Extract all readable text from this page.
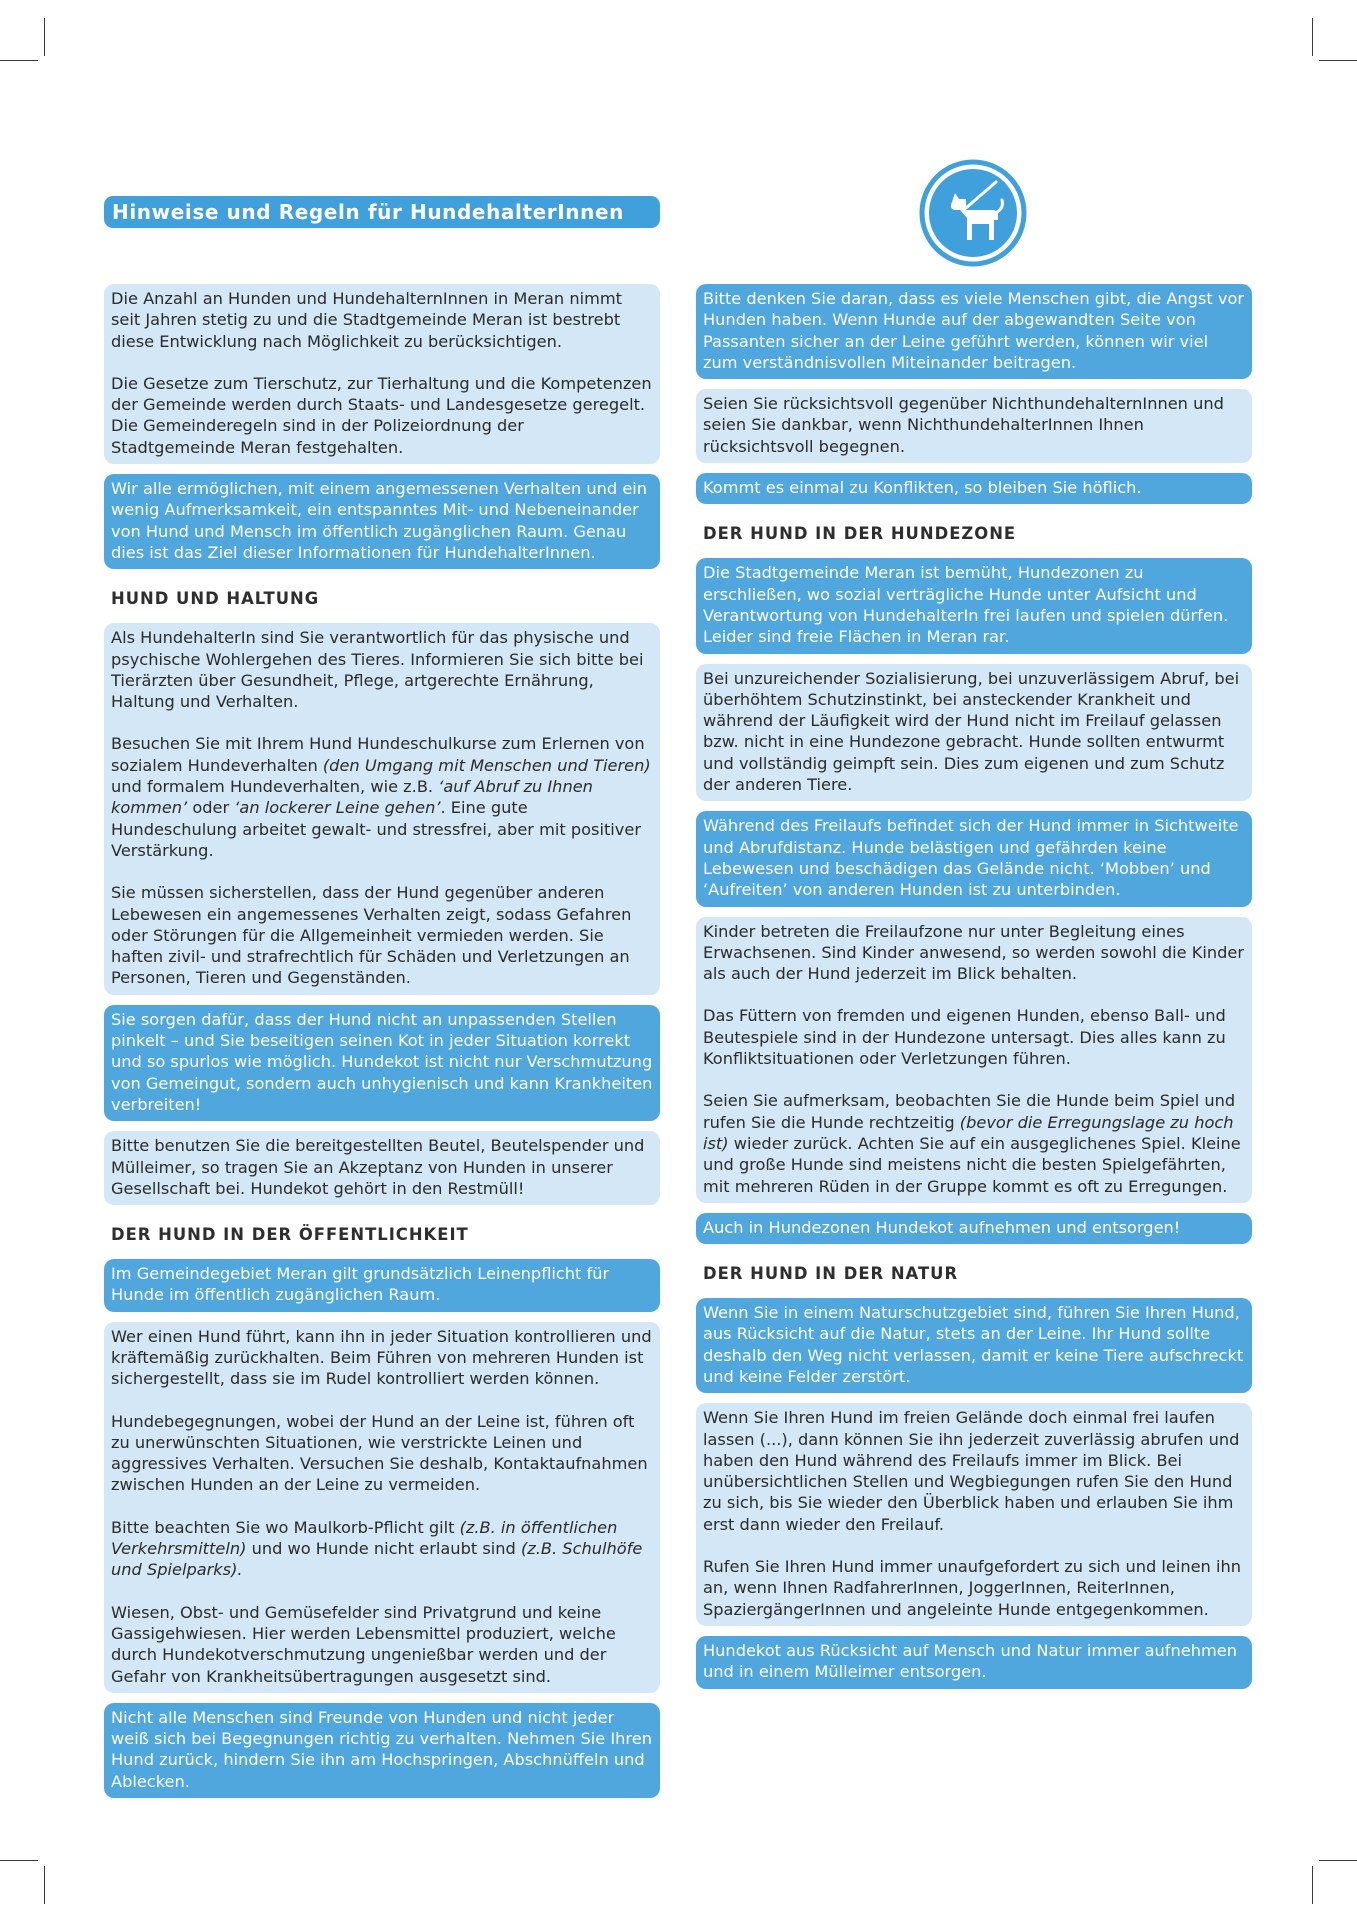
Hinweise und Regeln für HundehalterInnen

Die Anzahl an Hunden und HundehalternInnen in Meran nimmt seit Jahren stetig zu und die Stadtgemeinde Meran ist bestrebt diese Entwicklung nach Möglichkeit zu berücksichtigen.

Die Gesetze zum Tierschutz, zur Tierhaltung und die Kompetenzen der Gemeinde werden durch Staats- und Landesgesetze geregelt. Die Gemeinderegeln sind in der Polizeiordnung der Stadtgemeinde Meran festgehalten.

Wir alle ermöglichen, mit einem angemessenen Verhalten und ein wenig Aufmerksamkeit, ein entspanntes Mit- und Nebeneinander von Hund und Mensch im öffentlich zugänglichen Raum. Genau dies ist das Ziel dieser Informationen für HundehalterInnen.

HUND UND HALTUNG

Als HundehalterIn sind Sie verantwortlich für das physische und psychische Wohlergehen des Tieres. Informieren Sie sich bitte bei Tierärzten über Gesundheit, Pflege, artgerechte Ernährung, Haltung und Verhalten.

Besuchen Sie mit Ihrem Hund Hundeschulkurse zum Erlernen von sozialem Hundeverhalten (den Umgang mit Menschen und Tieren) und formalem Hundeverhalten, wie z.B. ‘auf Abruf zu Ihnen kommen’ oder ‘an lockerer Leine gehen’. Eine gute Hundeschulung arbeitet gewalt- und stressfrei, aber mit positiver Verstärkung.

Sie müssen sicherstellen, dass der Hund gegenüber anderen Lebewesen ein angemessenes Verhalten zeigt, sodass Gefahren oder Störungen für die Allgemeinheit vermieden werden. Sie haften zivil- und strafrechtlich für Schäden und Verletzungen an Personen, Tieren und Gegenständen.

Sie sorgen dafür, dass der Hund nicht an unpassenden Stellen pinkelt – und Sie beseitigen seinen Kot in jeder Situation korrekt und so spurlos wie möglich. Hundekot ist nicht nur Verschmutzung von Gemeingut, sondern auch unhygienisch und kann Krankheiten verbreiten!

Bitte benutzen Sie die bereitgestellten Beutel, Beutelspender und Mülleimer, so tragen Sie an Akzeptanz von Hunden in unserer Gesellschaft bei. Hundekot gehört in den Restmüll!

DER HUND IN DER ÖFFENTLICHKEIT

Im Gemeindegebiet Meran gilt grundsätzlich Leinenpflicht für Hunde im öffentlich zugänglichen Raum.

Wer einen Hund führt, kann ihn in jeder Situation kontrollieren und kräftemäßig zurückhalten. Beim Führen von mehreren Hunden ist sichergestellt, dass sie im Rudel kontrolliert werden können.

Hundebegegnungen, wobei der Hund an der Leine ist, führen oft zu unerwünschten Situationen, wie verstrickte Leinen und aggressives Verhalten. Versuchen Sie deshalb, Kontaktaufnahmen zwischen Hunden an der Leine zu vermeiden.

Bitte beachten Sie wo Maulkorb-Pflicht gilt (z.B. in öffentlichen Verkehrsmitteln) und wo Hunde nicht erlaubt sind (z.B. Schulhöfe und Spielparks).

Wiesen, Obst- und Gemüsefelder sind Privatgrund und keine Gassigehwiesen. Hier werden Lebensmittel produziert, welche durch Hundekotverschmutzung ungenießbar werden und der Gefahr von Krankheitsübertragungen ausgesetzt sind.

Nicht alle Menschen sind Freunde von Hunden und nicht jeder weiß sich bei Begegnungen richtig zu verhalten. Nehmen Sie Ihren Hund zurück, hindern Sie ihn am Hochspringen, Abschnüffeln und Ablecken.

Bitte denken Sie daran, dass es viele Menschen gibt, die Angst vor Hunden haben. Wenn Hunde auf der abgewandten Seite von Passanten sicher an der Leine geführt werden, können wir viel zum verständnisvollen Miteinander beitragen.

Seien Sie rücksichtsvoll gegenüber NichthundehalternInnen und seien Sie dankbar, wenn NichthundehalterInnen Ihnen rücksichtsvoll begegnen.

Kommt es einmal zu Konflikten, so bleiben Sie höflich.

DER HUND IN DER HUNDEZONE

Die Stadtgemeinde Meran ist bemüht, Hundezonen zu erschließen, wo sozial verträgliche Hunde unter Aufsicht und Verantwortung von HundehalterIn frei laufen und spielen dürfen. Leider sind freie Flächen in Meran rar.

Bei unzureichender Sozialisierung, bei unzuverlässigem Abruf, bei überhöhtem Schutzinstinkt, bei ansteckender Krankheit und während der Läufigkeit wird der Hund nicht im Freilauf gelassen bzw. nicht in eine Hundezone gebracht. Hunde sollten entwurmt und vollständig geimpft sein. Dies zum eigenen und zum Schutz der anderen Tiere.

Während des Freilaufs befindet sich der Hund immer in Sichtweite und Abrufdistanz. Hunde belästigen und gefährden keine Lebewesen und beschädigen das Gelände nicht. ‘Mobben’ und ‘Aufreiten’ von anderen Hunden ist zu unterbinden.

Kinder betreten die Freilaufzone nur unter Begleitung eines Erwachsenen. Sind Kinder anwesend, so werden sowohl die Kinder als auch der Hund jederzeit im Blick behalten.

Das Füttern von fremden und eigenen Hunden, ebenso Ball- und Beutespiele sind in der Hundezone untersagt. Dies alles kann zu Konfliktsituationen oder Verletzungen führen.

Seien Sie aufmerksam, beobachten Sie die Hunde beim Spiel und rufen Sie die Hunde rechtzeitig (bevor die Erregungslage zu hoch ist) wieder zurück. Achten Sie auf ein ausgeglichenes Spiel. Kleine und große Hunde sind meistens nicht die besten Spielgefährten, mit mehreren Rüden in der Gruppe kommt es oft zu Erregungen.

Auch in Hundezonen Hundekot aufnehmen und entsorgen!

DER HUND IN DER NATUR

Wenn Sie in einem Naturschutzgebiet sind, führen Sie Ihren Hund, aus Rücksicht auf die Natur, stets an der Leine. Ihr Hund sollte deshalb den Weg nicht verlassen, damit er keine Tiere aufschreckt und keine Felder zerstört.

Wenn Sie Ihren Hund im freien Gelände doch einmal frei laufen lassen (...), dann können Sie ihn jederzeit zuverlässig abrufen und haben den Hund während des Freilaufs immer im Blick. Bei unübersichtlichen Stellen und Wegbiegungen rufen Sie den Hund zu sich, bis Sie wieder den Überblick haben und erlauben Sie ihm erst dann wieder den Freilauf.

Rufen Sie Ihren Hund immer unaufgefordert zu sich und leinen ihn an, wenn Ihnen RadfahrerInnen, JoggerInnen, ReiterInnen, SpaziergängerInnen und angeleinte Hunde entgegenkommen.

Hundekot aus Rücksicht auf Mensch und Natur immer aufnehmen und in einem Mülleimer entsorgen.
